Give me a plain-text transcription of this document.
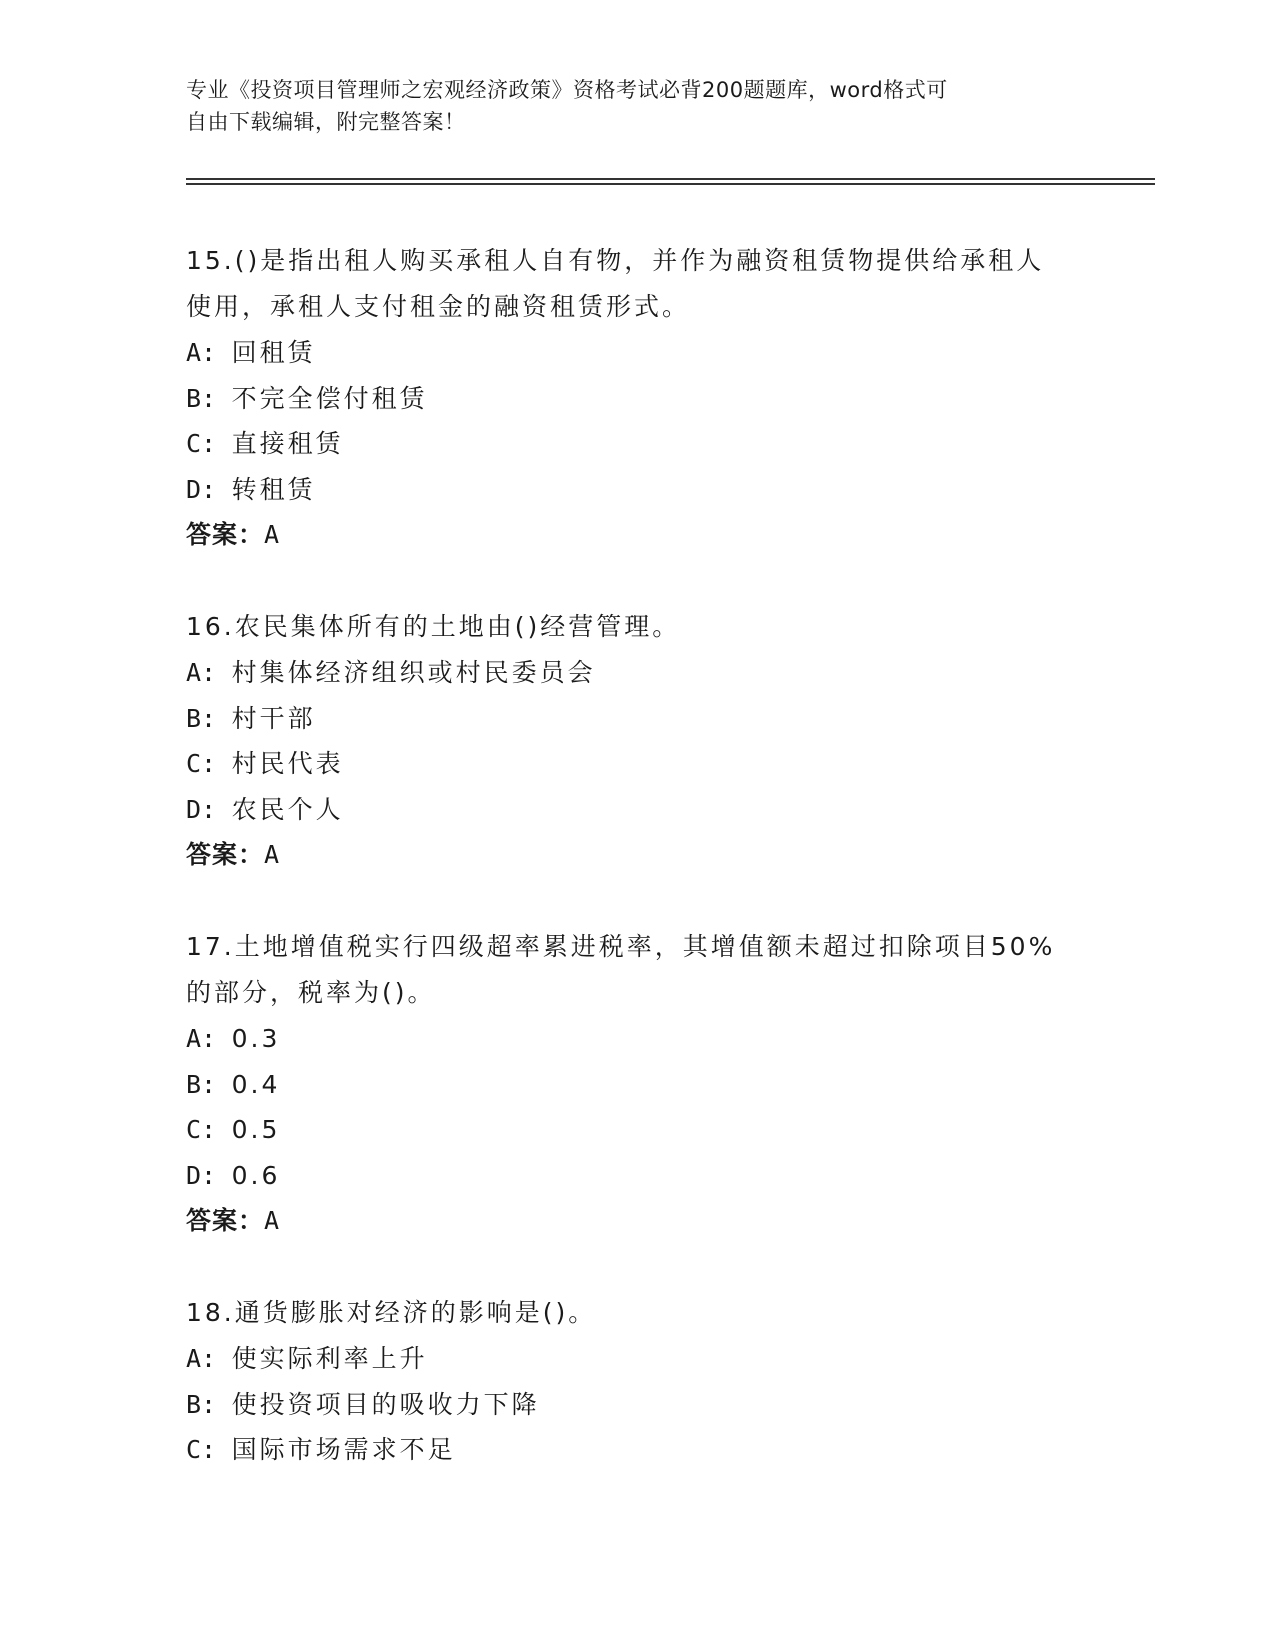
专业《投资项目管理师之宏观经济政策》资格考试必背200题题库，word格式可
自由下载编辑，附完整答案！
15.()是指出租人购买承租人自有物，并作为融资租赁物提供给承租人
使用，承租人支付租金的融资租赁形式。
A:  回租赁
B:  不完全偿付租赁
C:  直接租赁
D:  转租赁
答案：A
16.农民集体所有的土地由()经营管理。
A:  村集体经济组织或村民委员会
B:  村干部
C:  村民代表
D:  农民个人
答案：A
17.土地增值税实行四级超率累进税率，其增值额未超过扣除项目50%
的部分，税率为()。
A:  0.3
B:  0.4
C:  0.5
D:  0.6
答案：A
18.通货膨胀对经济的影响是()。
A:  使实际利率上升
B:  使投资项目的吸收力下降
C:  国际市场需求不足
